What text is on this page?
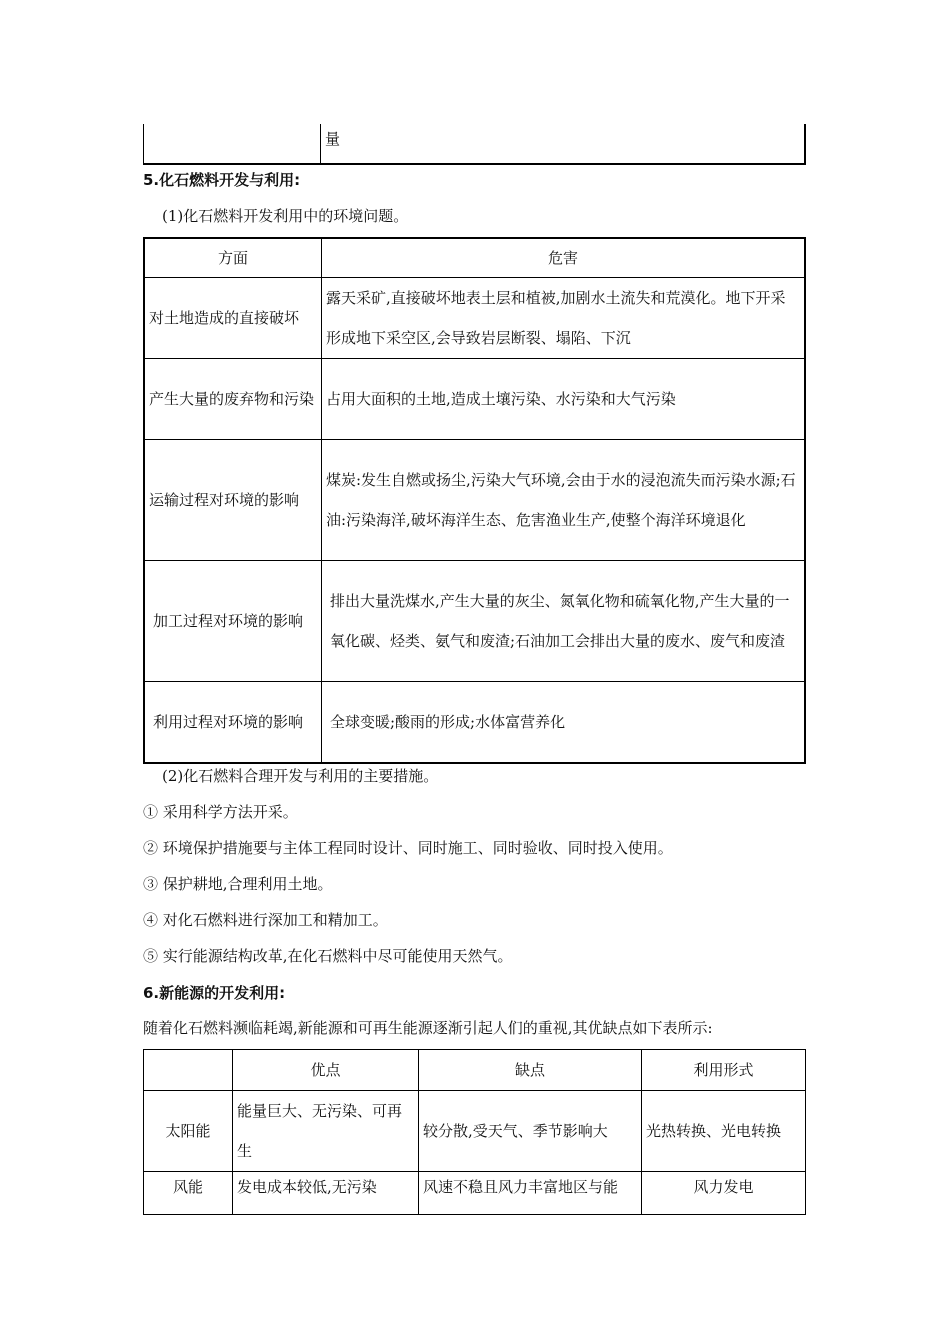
	量
5.化石燃料开发与利用:
(1)化石燃料开发利用中的环境问题。
方面	危害
对土地造成的直接破坏	露天采矿,直接破坏地表土层和植被,加剧水土流失和荒漠化。地下开采形成地下采空区,会导致岩层断裂、塌陷、下沉
产生大量的废弃物和污染	占用大面积的土地,造成土壤污染、水污染和大气污染
运输过程对环境的影响	煤炭:发生自燃或扬尘,污染大气环境,会由于水的浸泡流失而污染水源;石油:污染海洋,破坏海洋生态、危害渔业生产,使整个海洋环境退化
加工过程对环境的影响	排出大量洗煤水,产生大量的灰尘、氮氧化物和硫氧化物,产生大量的一氧化碳、烃类、氨气和废渣;石油加工会排出大量的废水、废气和废渣
利用过程对环境的影响	全球变暖;酸雨的形成;水体富营养化
(2)化石燃料合理开发与利用的主要措施。
① 采用科学方法开采。
② 环境保护措施要与主体工程同时设计、同时施工、同时验收、同时投入使用。
③ 保护耕地,合理利用土地。
④ 对化石燃料进行深加工和精加工。
⑤ 实行能源结构改革,在化石燃料中尽可能使用天然气。
6.新能源的开发利用:
随着化石燃料濒临耗竭,新能源和可再生能源逐渐引起人们的重视,其优缺点如下表所示:
	优点	缺点	利用形式
太阳能	能量巨大、无污染、可再生	较分散,受天气、季节影响大	光热转换、光电转换
风能	发电成本较低,无污染	风速不稳且风力丰富地区与能	风力发电
